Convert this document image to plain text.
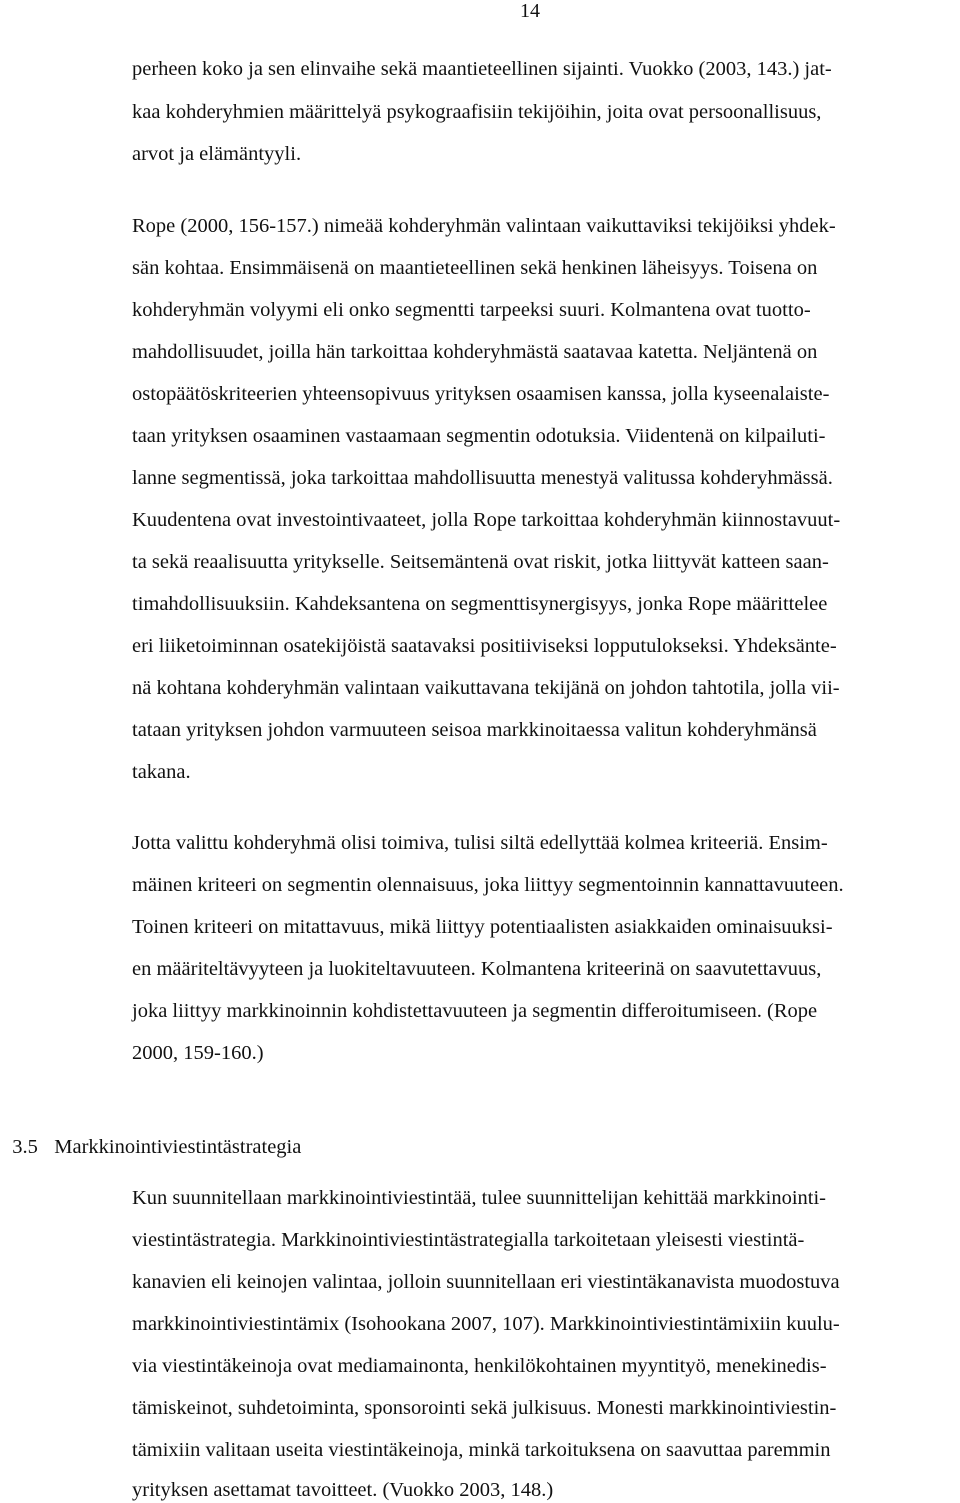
14
perheen koko ja sen elinvaihe sekä maantieteellinen sijainti. Vuokko (2003, 143.) jat-
kaa kohderyhmien määrittelyä psykograafisiin tekijöihin, joita ovat persoonallisuus,
arvot ja elämäntyyli.
Rope (2000, 156-157.) nimeää kohderyhmän valintaan vaikuttaviksi tekijöiksi yhdek-
sän kohtaa. Ensimmäisenä on maantieteellinen sekä henkinen läheisyys. Toisena on
kohderyhmän volyymi eli onko segmentti tarpeeksi suuri. Kolmantena ovat tuotto-
mahdollisuudet, joilla hän tarkoittaa kohderyhmästä saatavaa katetta. Neljäntenä on
ostopäätöskriteerien yhteensopivuus yrityksen osaamisen kanssa, jolla kyseenalaiste-
taan yrityksen osaaminen vastaamaan segmentin odotuksia. Viidentenä on kilpailuti-
lanne segmentissä, joka tarkoittaa mahdollisuutta menestyä valitussa kohderyhmässä.
Kuudentena ovat investointivaateet, jolla Rope tarkoittaa kohderyhmän kiinnostavuut-
ta sekä reaalisuutta yritykselle. Seitsemäntenä ovat riskit, jotka liittyvät katteen saan-
timahdollisuuksiin. Kahdeksantena on segmenttisynergisyys, jonka Rope määrittelee
eri liiketoiminnan osatekijöistä saatavaksi positiiviseksi lopputulokseksi. Yhdeksänte-
nä kohtana kohderyhmän valintaan vaikuttavana tekijänä on johdon tahtotila, jolla vii-
tataan yrityksen johdon varmuuteen seisoa markkinoitaessa valitun kohderyhmänsä
takana.
Jotta valittu kohderyhmä olisi toimiva, tulisi siltä edellyttää kolmea kriteeriä. Ensim-
mäinen kriteeri on segmentin olennaisuus, joka liittyy segmentoinnin kannattavuuteen.
Toinen kriteeri on mitattavuus, mikä liittyy potentiaalisten asiakkaiden ominaisuuksi-
en määriteltävyyteen ja luokiteltavuuteen. Kolmantena kriteerinä on saavutettavuus,
joka liittyy markkinoinnin kohdistettavuuteen ja segmentin differoitumiseen. (Rope
2000, 159-160.)

3.5 Markkinointiviestintästrategia

Kun suunnitellaan markkinointiviestintää, tulee suunnittelijan kehittää markkinointi-
viestintästrategia. Markkinointiviestintästrategialla tarkoitetaan yleisesti viestintä-
kanavien eli keinojen valintaa, jolloin suunnitellaan eri viestintäkanavista muodostuva
markkinointiviestintämix (Isohookana 2007, 107). Markkinointiviestintämixiin kuulu-
via viestintäkeinoja ovat mediamainonta, henkilökohtainen myyntityö, menekinedis-
tämiskeinot, suhdetoiminta, sponsorointi sekä julkisuus. Monesti markkinointiviestin-
tämixiin valitaan useita viestintäkeinoja, minkä tarkoituksena on saavuttaa paremmin
yrityksen asettamat tavoitteet. (Vuokko 2003, 148.)
